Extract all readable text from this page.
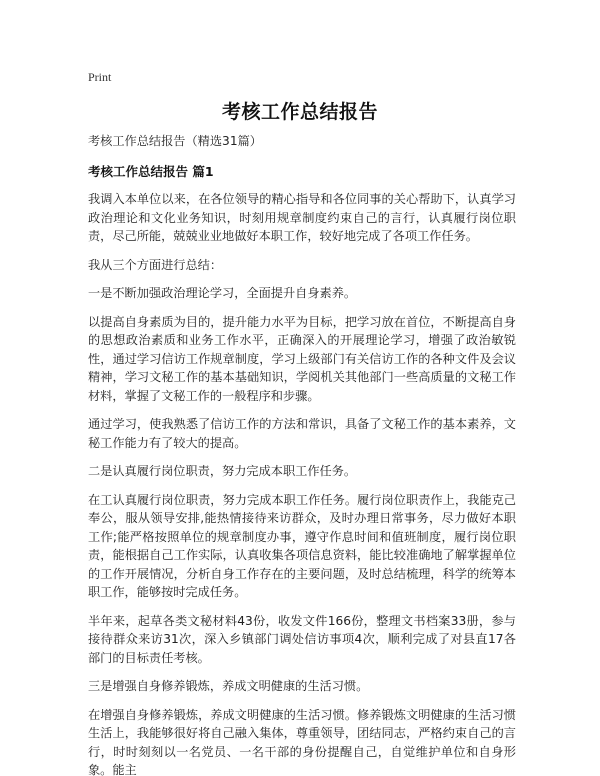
Print
考核工作总结报告

考核工作总结报告（精选31篇）

考核工作总结报告 篇1

我调入本单位以来，在各位领导的精心指导和各位同事的关心帮助下，认真学习政治理论和文化业务知识，时刻用规章制度约束自己的言行，认真履行岗位职责，尽己所能，兢兢业业地做好本职工作，较好地完成了各项工作任务。

我从三个方面进行总结：

一是不断加强政治理论学习，全面提升自身素养。

以提高自身素质为目的，提升能力水平为目标，把学习放在首位，不断提高自身的思想政治素质和业务工作水平，正确深入的开展理论学习，增强了政治敏锐性，通过学习信访工作规章制度，学习上级部门有关信访工作的各种文件及会议精神，学习文秘工作的基本基础知识，学阅机关其他部门一些高质量的文秘工作材料，掌握了文秘工作的一般程序和步骤。

通过学习，使我熟悉了信访工作的方法和常识，具备了文秘工作的基本素养，文秘工作能力有了较大的提高。

二是认真履行岗位职责，努力完成本职工作任务。

在工认真履行岗位职责，努力完成本职工作任务。履行岗位职责作上，我能克己奉公，服从领导安排,能热情接待来访群众，及时办理日常事务，尽力做好本职工作;能严格按照单位的规章制度办事，遵守作息时间和值班制度，履行岗位职责，能根据自己工作实际，认真收集各项信息资料，能比较准确地了解掌握单位的工作开展情况，分析自身工作存在的主要问题，及时总结梳理，科学的统筹本职工作，能够按时完成任务。

半年来，起草各类文秘材料43份，收发文件166份，整理文书档案33册，参与接待群众来访31次，深入乡镇部门调处信访事项4次，顺利完成了对县直17各部门的目标责任考核。

三是增强自身修养锻炼，养成文明健康的生活习惯。

在增强自身修养锻炼，养成文明健康的生活习惯。修养锻炼文明健康的生活习惯生活上，我能够很好将自己融入集体，尊重领导，团结同志，严格约束自己的言行，时时刻刻以一名党员、一名干部的身份提醒自己，自觉维护单位和自身形象。能主
